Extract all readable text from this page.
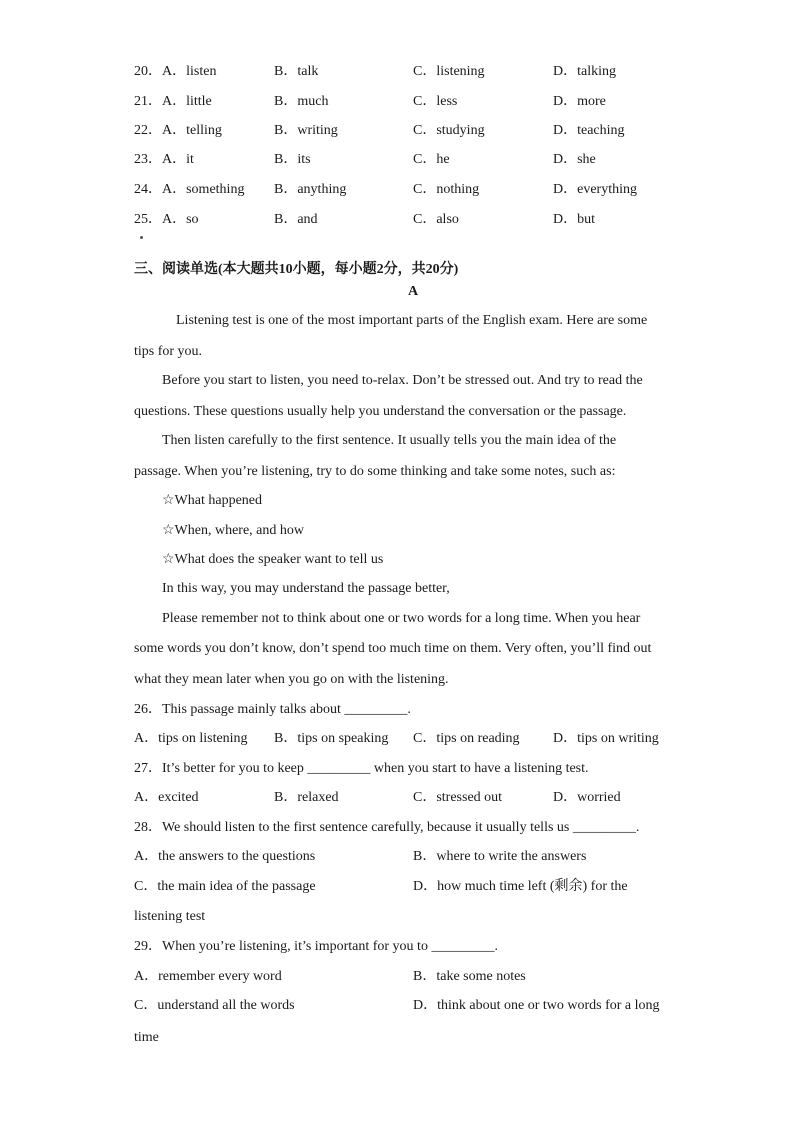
20．A．listen	B．talk	C．listening	D．talking
21．A．little	B．much	C．less	D．more
22．A．telling	B．writing	C．studying	D．teaching
23．A．it	B．its	C．he	D．she
24．A．something B．anything	C．nothing	D．everything
25．A．so	B．and	C．also	D．but
三、阅读单选(本大题共10小题，每小题2分，共20分)
A
Listening test is one of the most important parts of the English exam. Here are some
tips for you.
Before you start to listen, you need to-relax. Don’t be stressed out. And try to read the
questions. These questions usually help you understand the conversation or the passage.
Then listen carefully to the first sentence. It usually tells you the main idea of the
passage. When you’re listening, try to do some thinking and take some notes, such as:
☆What happened
☆When, where, and how
☆What does the speaker want to tell us
In this way, you may understand the passage better,
Please remember not to think about one or two words for a long time. When you hear
some words you don’t know, don’t spend too much time on them. Very often, you’ll find out
what they mean later when you go on with the listening.
26．This passage mainly talks about _________.
A．tips on listening B．tips on speaking C．tips on reading D．tips on writing
27．It’s better for you to keep _________ when you start to have a listening test.
A．excited	B．relaxed	C．stressed out	D．worried
28．We should listen to the first sentence carefully, because it usually tells us _________.
A．the answers to the questions	B．where to write the answers
C．the main idea of the passage	D．how much time left (剩余) for the
listening test
29．When you’re listening, it’s important for you to _________.
A．remember every word	B．take some notes
C．understand all the words	D．think about one or two words for a long
time
